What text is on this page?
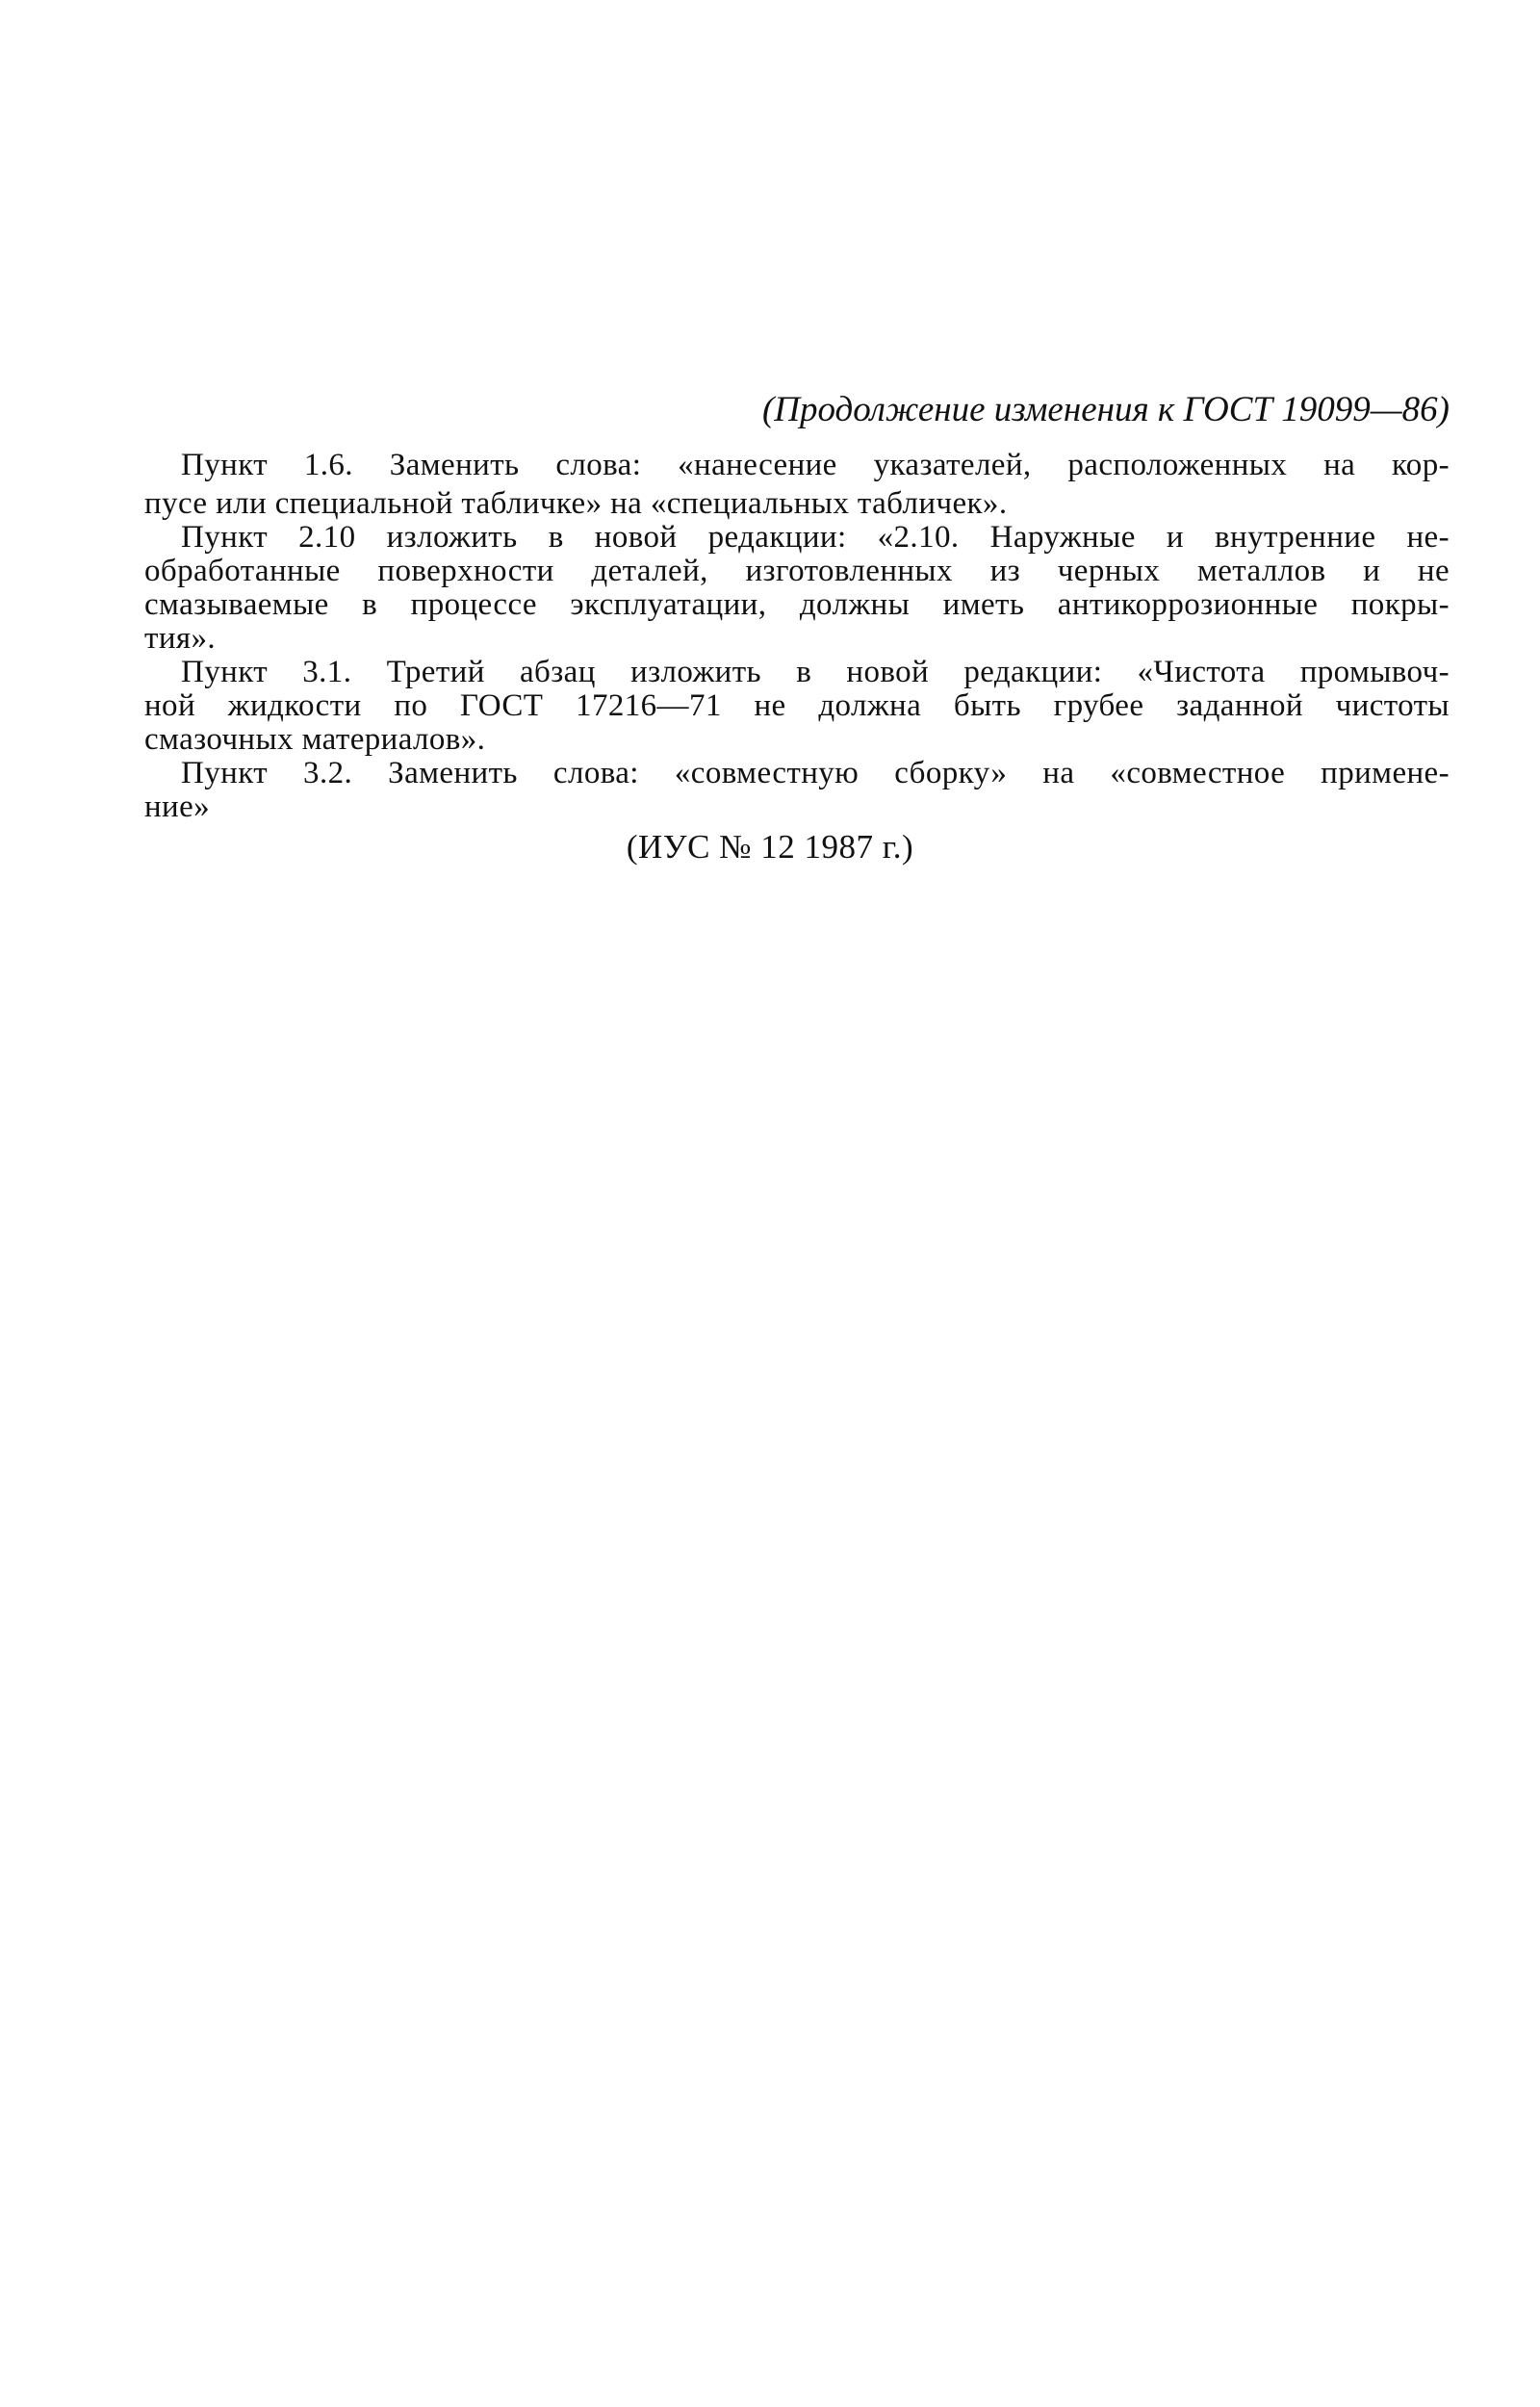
(Продолжение изменения к ГОСТ 19099—86)
Пункт 1.6. Заменить слова: «нанесение указателей, расположенных на кор-
пусе или специальной табличке» на «специальных табличек».
Пункт 2.10 изложить в новой редакции: «2.10. Наружные и внутренние не-
обработанные поверхности деталей, изготовленных из черных металлов и не
смазываемые в процессе эксплуатации, должны иметь антикоррозионные покры-
тия».
Пункт 3.1. Третий абзац изложить в новой редакции: «Чистота промывоч-
ной жидкости по ГОСТ 17216—71 не должна быть грубее заданной чистоты
смазочных материалов».
Пункт 3.2. Заменить слова: «совместную сборку» на «совместное примене-
ние»
(ИУС № 12 1987 г.)
